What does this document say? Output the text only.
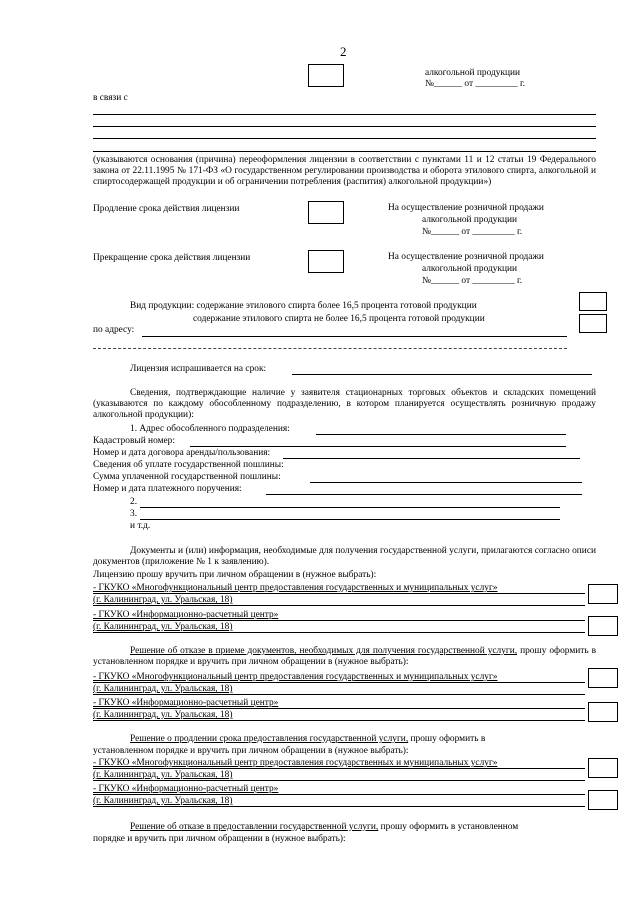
2
алкогольной продукции
№______ от _________ г.
в связи с
(указываются основания (причина) переоформления лицензии в соответствии с пунктами 11 и 12 статьи 19 Федерального закона от 22.11.1995 № 171-ФЗ «О государственном регулировании производства и оборота этилового спирта, алкогольной и спиртосодержащей продукции и об ограничении потребления (распития) алкогольной продукции»)
Продление срока действия лицензии	На осуществление розничной продажи
алкогольной продукции
№______ от _________ г.
Прекращение срока действия лицензии	На осуществление розничной продажи
алкогольной продукции
№______ от _________ г.
Вид продукции: содержание этилового спирта более 16,5 процента готовой продукции
содержание этилового спирта не более 16,5 процента готовой продукции
по адресу:
Лицензия испрашивается на срок:
Сведения, подтверждающие наличие у заявителя стационарных торговых объектов и складских помещений (указываются по каждому обособленному подразделению, в котором планируется осуществлять розничную продажу алкогольной продукции):
1. Адрес обособленного подразделения:
Кадастровый номер:
Номер и дата договора аренды/пользования:
Сведения об уплате государственной пошлины:
Сумма уплаченной государственной пошлины:
Номер и дата платежного поручения:
2.
3.
и т.д.
Документы и (или) информация, необходимые для получения государственной услуги, прилагаются согласно описи документов (приложение № 1 к заявлению).
Лицензию прошу вручить при личном обращении в (нужное выбрать):
- ГКУКО «Многофункциональный центр предоставления государственных и муниципальных услуг»
(г. Калининград, ул. Уральская, 18)
- ГКУКО «Информационно-расчетный центр»
(г. Калининград, ул. Уральская, 18)
Решение об отказе в приеме документов, необходимых для получения государственной услуги, прошу оформить в установленном порядке и вручить при личном обращении в (нужное выбрать):
- ГКУКО «Многофункциональный центр предоставления государственных и муниципальных услуг»
(г. Калининград, ул. Уральская, 18)
- ГКУКО «Информационно-расчетный центр»
(г. Калининград, ул. Уральская, 18)
Решение о продлении срока предоставления государственной услуги, прошу оформить в
установленном порядке и вручить при личном обращении в (нужное выбрать):
- ГКУКО «Многофункциональный центр предоставления государственных и муниципальных услуг»
(г. Калининград, ул. Уральская, 18)
- ГКУКО «Информационно-расчетный центр»
(г. Калининград, ул. Уральская, 18)
Решение об отказе в предоставлении государственной услуги, прошу оформить в установленном
порядке и вручить при личном обращении в (нужное выбрать):
